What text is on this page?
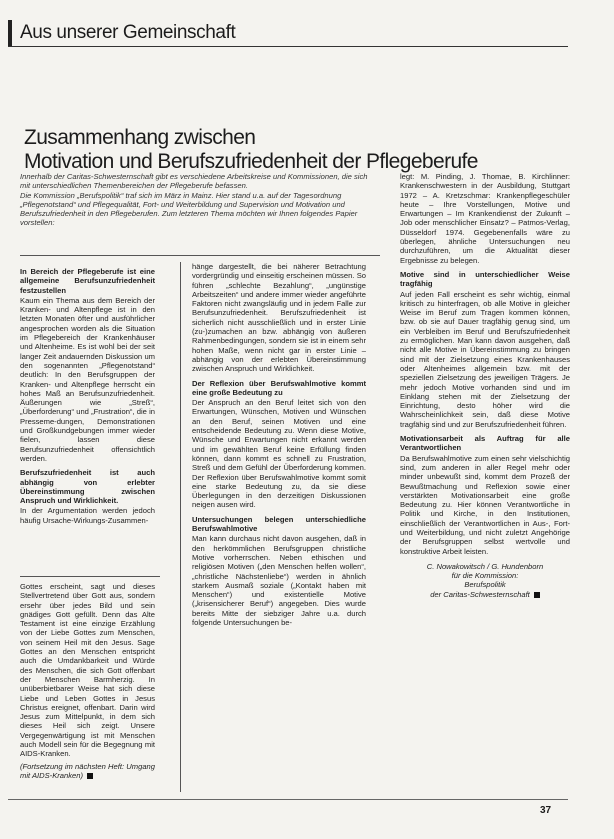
Aus unserer Gemeinschaft
Zusammenhang zwischen
Motivation und Berufszufriedenheit der Pflegeberufe

Innerhalb der Caritas-Schwesternschaft gibt es verschiedene Arbeitskreise und Kommissionen, die sich mit unterschiedlichen Themenbereichen der Pflegeberufe befassen.

Die Kommission „Berufspolitik“ traf sich im März in Mainz. Hier stand u.a. auf der Tagesordnung „Pflegenotstand“ und Pflegequalität, Fort- und Weiterbildung und Supervision und Motivation und Berufszufriedenheit in den Pflegeberufen. Zum letzteren Thema möchten wir Ihnen folgendes Papier vorstellen:

In Bereich der Pflegeberufe ist eine allgemeine Berufsunzufriedenheit festzustellen

Kaum ein Thema aus dem Bereich der Kranken- und Altenpflege ist in den letzten Monaten öfter und ausführlicher angesprochen worden als die Situation im Pflegebereich der Krankenhäuser und Altenheime. Es ist wohl bei der seit langer Zeit andauernden Diskussion um den sogenannten „Pflegenotstand“ deutlich: In den Berufsgruppen der Kranken- und Altenpflege herrscht ein hohes Maß an Berufsunzufriedenheit. Äußerungen wie „Streß“, „Überforderung“ und „Frustration“, die in Presseme-dungen, Demonstrationen und Großkundgebungen immer wieder fielen, lassen diese Berufsunzufriedenheit offensichtlich werden.

Berufszufriedenheit ist auch abhängig von erlebter Übereinstimmung zwischen Anspruch und Wirklichkeit.

In der Argumentation werden jedoch häufig Ursache-Wirkungs-Zusammen-

Gottes erscheint, sagt und dieses Stellvertretend über Gott aus, sondern ersehr über jedes Bild und sein gnädiges Gott gefüllt. Denn das Alte Testament ist eine einzige Erzählung von der Liebe Gottes zum Menschen, von seinem Heil mit den Jesus. Sage Gottes an den Menschen entspricht auch die Umdankbarkeit und Würde des Menschen, die sich Gott offenbart der Menschen Barmherzig. In unüberbietbarer Weise hat sich diese Liebe und Leben Gottes in Jesus Christus ereignet, offenbart. Darin wird Jesus zum Mittelpunkt, in dem sich dieses Heil sich zeigt. Unsere Vergegenwärtigung ist mit Menschen auch Modell sein für die Begegnung mit AIDS-Kranken.

(Fortsetzung im nächsten Heft: Umgang mit AIDS-Kranken)

hänge dargestellt, die bei näherer Betrachtung vordergründig und einseitig erscheinen müssen. So führen „schlechte Bezahlung“, „ungünstige Arbeitszeiten“ und andere immer wieder angeführte Faktoren nicht zwangsläufig und in jedem Falle zur Berufsunzufriedenheit. Berufszufriedenheit ist sicherlich nicht ausschließlich und in erster Linie (zu-)zumachen an bzw. abhängig von äußeren Rahmenbedingungen, sondern sie ist in einem sehr hohen Maße, wenn nicht gar in erster Linie – abhängig von der erlebten Übereinstimmung zwischen Anspruch und Wirklichkeit.

Der Reflexion über Berufswahlmotive kommt eine große Bedeutung zu

Der Anspruch an den Beruf leitet sich von den Erwartungen, Wünschen, Motiven und Wünschen an den Beruf, seinen Motiven und eine entscheidende Bedeutung zu. Wenn diese Motive, Wünsche und Erwartungen nicht erkannt werden und im gewählten Beruf keine Erfüllung finden können, dann kommt es schnell zu Frustration, Streß und dem Gefühl der Überforderung kommen. Der Reflexion über Berufswahlmotive kommt somit eine starke Bedeutung zu, da sie diese Überlegungen in den derzeitigen Diskussionen neigen ausen wird.

Untersuchungen belegen unterschiedliche Berufswahlmotive

Man kann durchaus nicht davon ausgehen, daß in den herkömmlichen Berufsgruppen christliche Motive vorherrschen. Neben ethischen und religiösen Motiven („den Menschen helfen wollen“, „christliche Nächstenliebe“) werden in ähnlich starkem Ausmaß soziale („Kontakt haben mit Menschen“) und existentielle Motive („krisensicherer Beruf“) angegeben. Dies wurde bereits Mitte der siebziger Jahre u.a. durch folgende Untersuchungen be-

legt: M. Pinding, J. Thomae, B. Kirchlinner: Krankenschwestern in der Ausbildung, Stuttgart 1972 – A. Kretzschmar: Krankenpflegeschüler heute – Ihre Vorstellungen, Motive und Erwartungen – Im Krankendienst der Zukunft – Job oder menschlicher Einsatz? – Patmos-Verlag, Düsseldorf 1974. Gegebenenfalls wäre zu überlegen, ähnliche Untersuchungen neu durchzuführen, um die Aktualität dieser Ergebnisse zu belegen.

Motive sind in unterschiedlicher Weise tragfähig

Auf jeden Fall erscheint es sehr wichtig, einmal kritisch zu hinterfragen, ob alle Motive in gleicher Weise im Beruf zum Tragen kommen können, bzw. ob sie auf Dauer tragfähig genug sind, um ein Verbleiben im Beruf und Berufszufriedenheit zu ermöglichen. Man kann davon ausgehen, daß nicht alle Motive in Übereinstimmung zu bringen sind mit der Zielsetzung eines Krankenhauses oder Altenheimes allgemein bzw. mit der speziellen Zielsetzung des jeweiligen Trägers. Je mehr jedoch Motive vorhanden sind und im Einklang stehen mit der Zielsetzung der Einrichtung, desto höher wird die Wahrscheinlichkeit sein, daß diese Motive tragfähig sind und zur Berufszufriedenheit führen.

Motivationsarbeit als Auftrag für alle Verantwortlichen

Da Berufswahlmotive zum einen sehr vielschichtig sind, zum anderen in aller Regel mehr oder minder unbewußt sind, kommt dem Prozeß der Bewußtmachung und Reflexion sowie einer verstärkten Motivationsarbeit eine große Bedeutung zu. Hier können Verantwortliche in Politik und Kirche, in den Institutionen, einschließlich der Verantwortlichen in Aus-, Fort- und Weiterbildung, und nicht zuletzt Angehörige der Berufsgruppen selbst wertvolle und konstruktive Arbeit leisten.

C. Nowakowitsch / G. Hundenborn
für die Kommission:
Berufspolitik
der Caritas-Schwesternschaft
37
